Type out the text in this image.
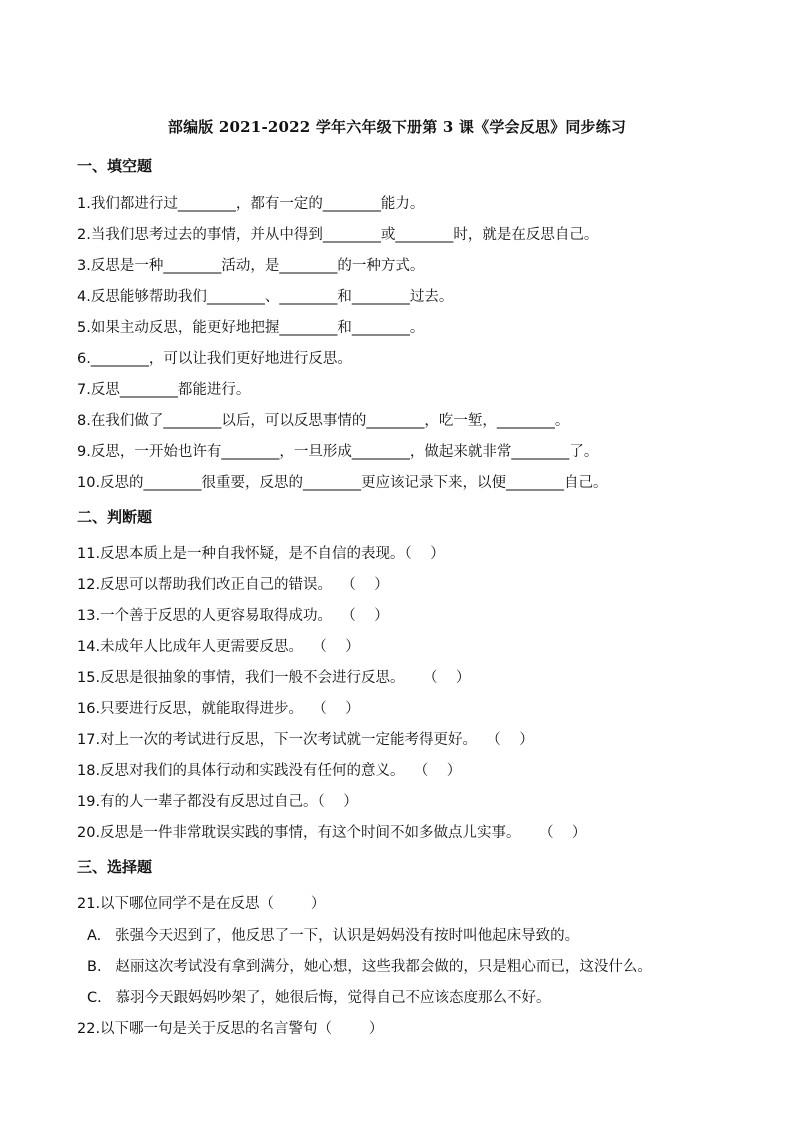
部编版 2021-2022 学年六年级下册第 3 课《学会反思》同步练习
一、填空题
1.我们都进行过________，都有一定的________能力。
2.当我们思考过去的事情，并从中得到________或________时，就是在反思自己。
3.反思是一种________活动，是________的一种方式。
4.反思能够帮助我们________、________和________过去。
5.如果主动反思，能更好地把握________和________。
6.________，可以让我们更好地进行反思。
7.反思________都能进行。
8.在我们做了________以后，可以反思事情的________，吃一堑，________。
9.反思，一开始也许有________，一旦形成________，做起来就非常________了。
10.反思的________很重要，反思的________更应该记录下来，以便________自己。
二、判断题
11.反思本质上是一种自我怀疑，是不自信的表现。（    ）
12.反思可以帮助我们改正自己的错误。  （    ）
13.一个善于反思的人更容易取得成功。  （    ）
14.未成年人比成年人更需要反思。  （    ）
15.反思是很抽象的事情，我们一般不会进行反思。    （    ）
16.只要进行反思，就能取得进步。  （    ）
17.对上一次的考试进行反思，下一次考试就一定能考得更好。  （    ）
18.反思对我们的具体行动和实践没有任何的意义。  （    ）
19.有的人一辈子都没有反思过自己。（    ）
20.反思是一件非常耽误实践的事情，有这个时间不如多做点儿实事。    （    ）
三、选择题
21.以下哪位同学不是在反思（        ）
A.   张强今天迟到了，他反思了一下，认识是妈妈没有按时叫他起床导致的。
B.   赵丽这次考试没有拿到满分，她心想，这些我都会做的，只是粗心而已，这没什么。
C.   慕羽今天跟妈妈吵架了，她很后悔，觉得自己不应该态度那么不好。
22.以下哪一句是关于反思的名言警句（        ）
